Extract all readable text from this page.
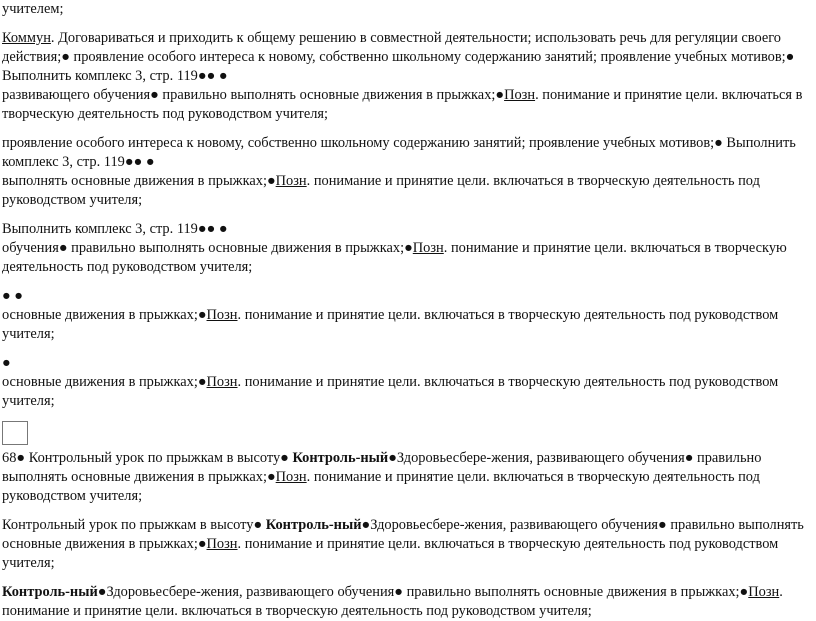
учителем;

Коммун. Договариваться и приходить к общему решению в совместной деятельности; использовать речь для регуляции своего действия;● проявление особого интереса к новому, собственно школьному содержанию занятий; проявление учебных мотивов;● Выполнить комплекс 3, стр. 119●● ●
развивающего обучения● правильно выполнять основные движения в прыжках;●Позн. понимание и принятие цели. включаться в творческую деятельность под руководством учителя;

проявление особого интереса к новому, собственно школьному содержанию занятий; проявление учебных мотивов;● Выполнить комплекс 3, стр. 119●● ●
выполнять основные движения в прыжках;●Позн. понимание и принятие цели. включаться в творческую деятельность под руководством учителя;

Выполнить комплекс 3, стр. 119●● ●
обучения● правильно выполнять основные движения в прыжках;●Позн. понимание и принятие цели. включаться в творческую деятельность под руководством учителя;

● ●
основные движения в прыжках;●Позн. понимание и принятие цели. включаться в творческую деятельность под руководством учителя;

●
основные движения в прыжках;●Позн. понимание и принятие цели. включаться в творческую деятельность под руководством учителя;

68● Контрольный урок по прыжкам в высоту● Контроль-ный●Здоровьесбере-жения, развивающего обучения● правильно выполнять основные движения в прыжках;●Позн. понимание и принятие цели. включаться в творческую деятельность под руководством учителя;

Контрольный урок по прыжкам в высоту● Контроль-ный●Здоровьесбере-жения, развивающего обучения● правильно выполнять основные движения в прыжках;●Позн. понимание и принятие цели. включаться в творческую деятельность под руководством учителя;

Контроль-ный●Здоровьесбере-жения, развивающего обучения● правильно выполнять основные движения в прыжках;●Позн. понимание и принятие цели. включаться в творческую деятельность под руководством учителя;
